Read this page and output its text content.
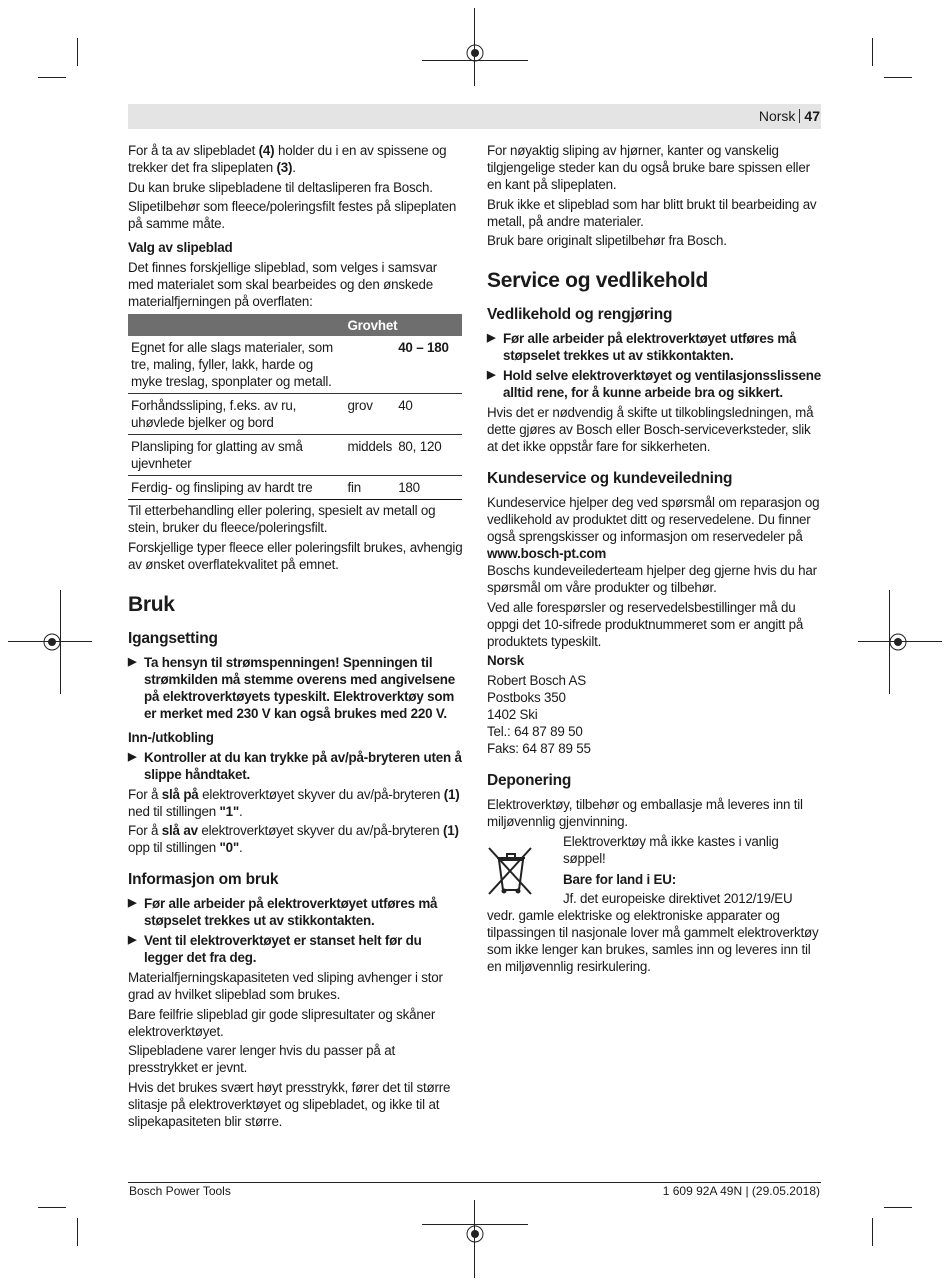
Norsk 47

For å ta av slipebladet (4) holder du i en av spissene og trekker det fra slipeplaten (3).

Du kan bruke slipebladene til deltasliperen fra Bosch.

Slipetilbehør som fleece/poleringsfilt festes på slipeplaten på samme måte.

Valg av slipeblad

Det finnes forskjellige slipeblad, som velges i samsvar med materialet som skal bearbeides og den ønskede materialfjerningen på overflaten:

	Grovhet	
Egnet for alle slags materialer, som tre, maling, fyller, lakk, harde og myke treslag, sponplater og metall.		40 – 180
Forhåndssliping, f.eks. av ru, uhøvlede bjelker og bord	grov	40
Plansliping for glatting av små ujevnheter	middels	80, 120
Ferdig- og finsliping av hardt tre	fin	180

Til etterbehandling eller polering, spesielt av metall og stein, bruker du fleece/poleringsfilt.

Forskjellige typer fleece eller poleringsfilt brukes, avhengig av ønsket overflatekvalitet på emnet.

Bruk
Igangsetting
▶ Ta hensyn til strømspenningen! Spenningen til strømkilden må stemme overens med angivelsene på elektroverktøyets typeskilt. Elektroverktøy som er merket med 230 V kan også brukes med 220 V.
Inn-/utkobling
▶ Kontroller at du kan trykke på av/på-bryteren uten å slippe håndtaket.

For å slå på elektroverktøyet skyver du av/på-bryteren (1) ned til stillingen "1".

For å slå av elektroverktøyet skyver du av/på-bryteren (1) opp til stillingen "0".

Informasjon om bruk
▶ Før alle arbeider på elektroverktøyet utføres må støpselet trekkes ut av stikkontakten.
▶ Vent til elektroverktøyet er stanset helt før du legger det fra deg.

Materialfjerningskapasiteten ved sliping avhenger i stor grad av hvilket slipeblad som brukes.

Bare feilfrie slipeblad gir gode slipresultater og skåner elektroverktøyet.

Slipebladene varer lenger hvis du passer på at presstrykket er jevnt.

Hvis det brukes svært høyt presstrykk, fører det til større slitasje på elektroverktøyet og slipebladet, og ikke til at slipekapasiteten blir større.

For nøyaktig sliping av hjørner, kanter og vanskelig tilgjengelige steder kan du også bruke bare spissen eller en kant på slipeplaten.

Bruk ikke et slipeblad som har blitt brukt til bearbeiding av metall, på andre materialer.

Bruk bare originalt slipetilbehør fra Bosch.

Service og vedlikehold
Vedlikehold og rengjøring
▶ Før alle arbeider på elektroverktøyet utføres må støpselet trekkes ut av stikkontakten.
▶ Hold selve elektroverktøyet og ventilasjonsslissene alltid rene, for å kunne arbeide bra og sikkert.

Hvis det er nødvendig å skifte ut tilkoblingsledningen, må dette gjøres av Bosch eller Bosch-serviceverksteder, slik at det ikke oppstår fare for sikkerheten.

Kundeservice og kundeveiledning

Kundeservice hjelper deg ved spørsmål om reparasjon og vedlikehold av produktet ditt og reservedelene. Du finner også sprengskisser og informasjon om reservedeler på
www.bosch-pt.com

Boschs kundeveilederteam hjelper deg gjerne hvis du har spørsmål om våre produkter og tilbehør.

Ved alle forespørsler og reservedelsbestillinger må du oppgi det 10-sifrede produktnummeret som er angitt på produktets typeskilt.

Norsk
Robert Bosch AS
Postboks 350
1402 Ski
Tel.: 64 87 89 50
Faks: 64 87 89 55
Deponering

Elektroverktøy, tilbehør og emballasje må leveres inn til miljøvennlig gjenvinning.

Elektroverktøy må ikke kastes i vanlig søppel!

Bare for land i EU:
Jf. det europeiske direktivet 2012/19/EU

vedr. gamle elektriske og elektroniske apparater og tilpassingen til nasjonale lover må gammelt elektroverktøy som ikke lenger kan brukes, samles inn og leveres inn til en miljøvennlig resirkulering.

Bosch Power Tools	1 609 92A 49N | (29.05.2018)
